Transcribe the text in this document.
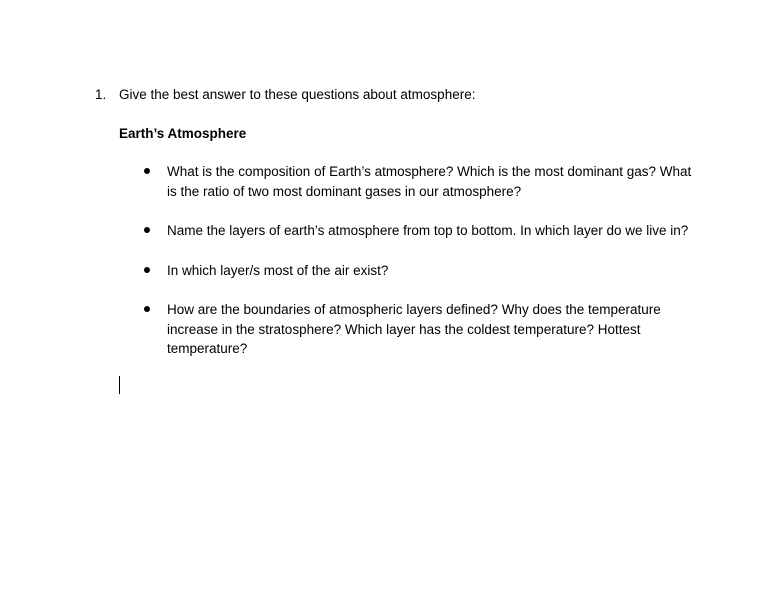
1. Give the best answer to these questions about atmosphere:
Earth’s Atmosphere
What is the composition of Earth’s atmosphere? Which is the most dominant gas? What is the ratio of two most dominant gases in our atmosphere?
Name the layers of earth’s atmosphere from top to bottom. In which layer do we live in?
In which layer/s most of the air exist?
How are the boundaries of atmospheric layers defined? Why does the temperature increase in the stratosphere? Which layer has the coldest temperature? Hottest temperature?
